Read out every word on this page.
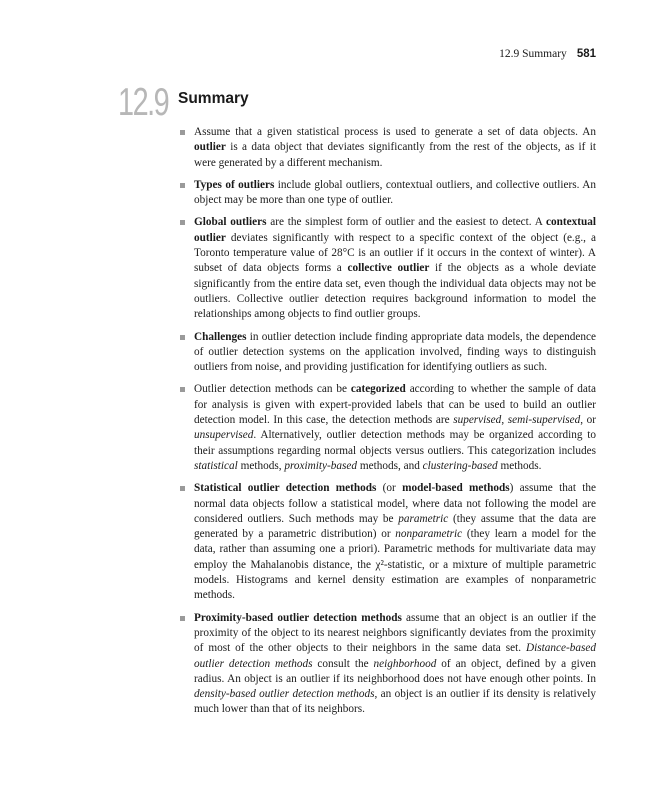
12.9 Summary 581
12.9 Summary
Assume that a given statistical process is used to generate a set of data objects. An outlier is a data object that deviates significantly from the rest of the objects, as if it were generated by a different mechanism.
Types of outliers include global outliers, contextual outliers, and collective outliers. An object may be more than one type of outlier.
Global outliers are the simplest form of outlier and the easiest to detect. A contextual outlier deviates significantly with respect to a specific context of the object (e.g., a Toronto temperature value of 28°C is an outlier if it occurs in the context of winter). A subset of data objects forms a collective outlier if the objects as a whole deviate significantly from the entire data set, even though the individual data objects may not be outliers. Collective outlier detection requires background information to model the relationships among objects to find outlier groups.
Challenges in outlier detection include finding appropriate data models, the dependence of outlier detection systems on the application involved, finding ways to distinguish outliers from noise, and providing justification for identifying outliers as such.
Outlier detection methods can be categorized according to whether the sample of data for analysis is given with expert-provided labels that can be used to build an outlier detection model. In this case, the detection methods are supervised, semi-supervised, or unsupervised. Alternatively, outlier detection methods may be organized according to their assumptions regarding normal objects versus outliers. This categorization includes statistical methods, proximity-based methods, and clustering-based methods.
Statistical outlier detection methods (or model-based methods) assume that the normal data objects follow a statistical model, where data not following the model are considered outliers. Such methods may be parametric (they assume that the data are generated by a parametric distribution) or nonparametric (they learn a model for the data, rather than assuming one a priori). Parametric methods for multivariate data may employ the Mahalanobis distance, the χ²-statistic, or a mixture of multiple parametric models. Histograms and kernel density estimation are examples of nonparametric methods.
Proximity-based outlier detection methods assume that an object is an outlier if the proximity of the object to its nearest neighbors significantly deviates from the proximity of most of the other objects to their neighbors in the same data set. Distance-based outlier detection methods consult the neighborhood of an object, defined by a given radius. An object is an outlier if its neighborhood does not have enough other points. In density-based outlier detection methods, an object is an outlier if its density is relatively much lower than that of its neighbors.
